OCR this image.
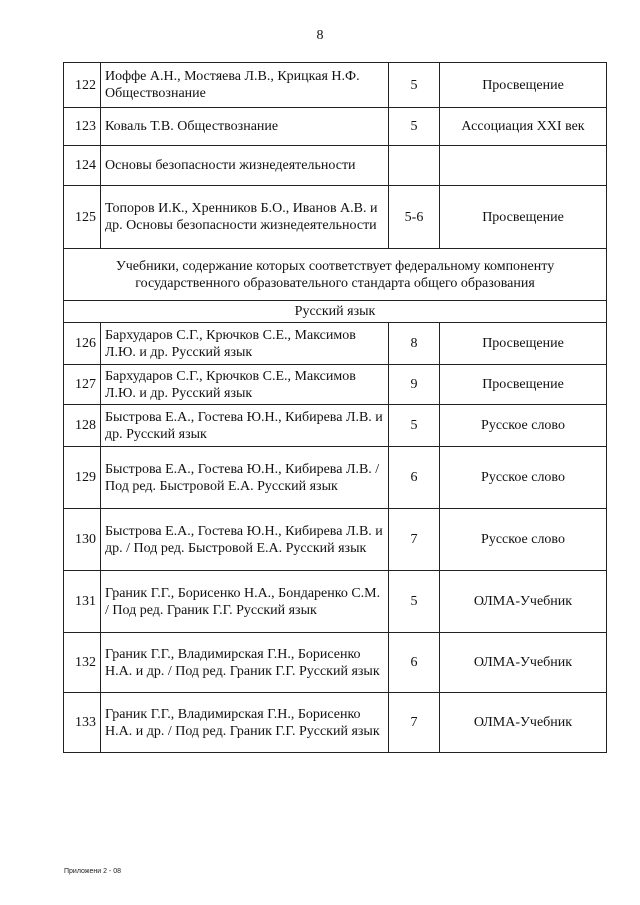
8
122	Иоффе А.Н., Мостяева Л.В., Крицкая Н.Ф. Обществознание	5	Просвещение
123	Коваль Т.В. Обществознание	5	Ассоциация XXI век
124	Основы безопасности жизнедеятельности		
125	Топоров И.К., Хренников Б.О., Иванов А.В. и др. Основы безопасности жизнедеятельности	5-6	Просвещение
Учебники, содержание которых соответствует федеральному компоненту государственного образовательного стандарта общего образования			
Русский язык			
126	Бархударов С.Г., Крючков С.Е., Максимов Л.Ю. и др. Русский язык	8	Просвещение
127	Бархударов С.Г., Крючков С.Е., Максимов Л.Ю. и др. Русский язык	9	Просвещение
128	Быстрова Е.А., Гостева Ю.Н., Кибирева Л.В. и др. Русский язык	5	Русское слово
129	Быстрова Е.А., Гостева Ю.Н., Кибирева Л.В. / Под ред. Быстровой Е.А. Русский язык	6	Русское слово
130	Быстрова Е.А., Гостева Ю.Н., Кибирева Л.В. и др. / Под ред. Быстровой Е.А. Русский язык	7	Русское слово
131	Граник Г.Г., Борисенко Н.А., Бондаренко С.М. / Под ред. Граник Г.Г. Русский язык	5	ОЛМА-Учебник
132	Граник Г.Г., Владимирская Г.Н., Борисенко Н.А. и др. / Под ред. Граник Г.Г. Русский язык	6	ОЛМА-Учебник
133	Граник Г.Г., Владимирская Г.Н., Борисенко Н.А. и др. / Под ред. Граник Г.Г. Русский язык	7	ОЛМА-Учебник
Приложени 2 - 08
